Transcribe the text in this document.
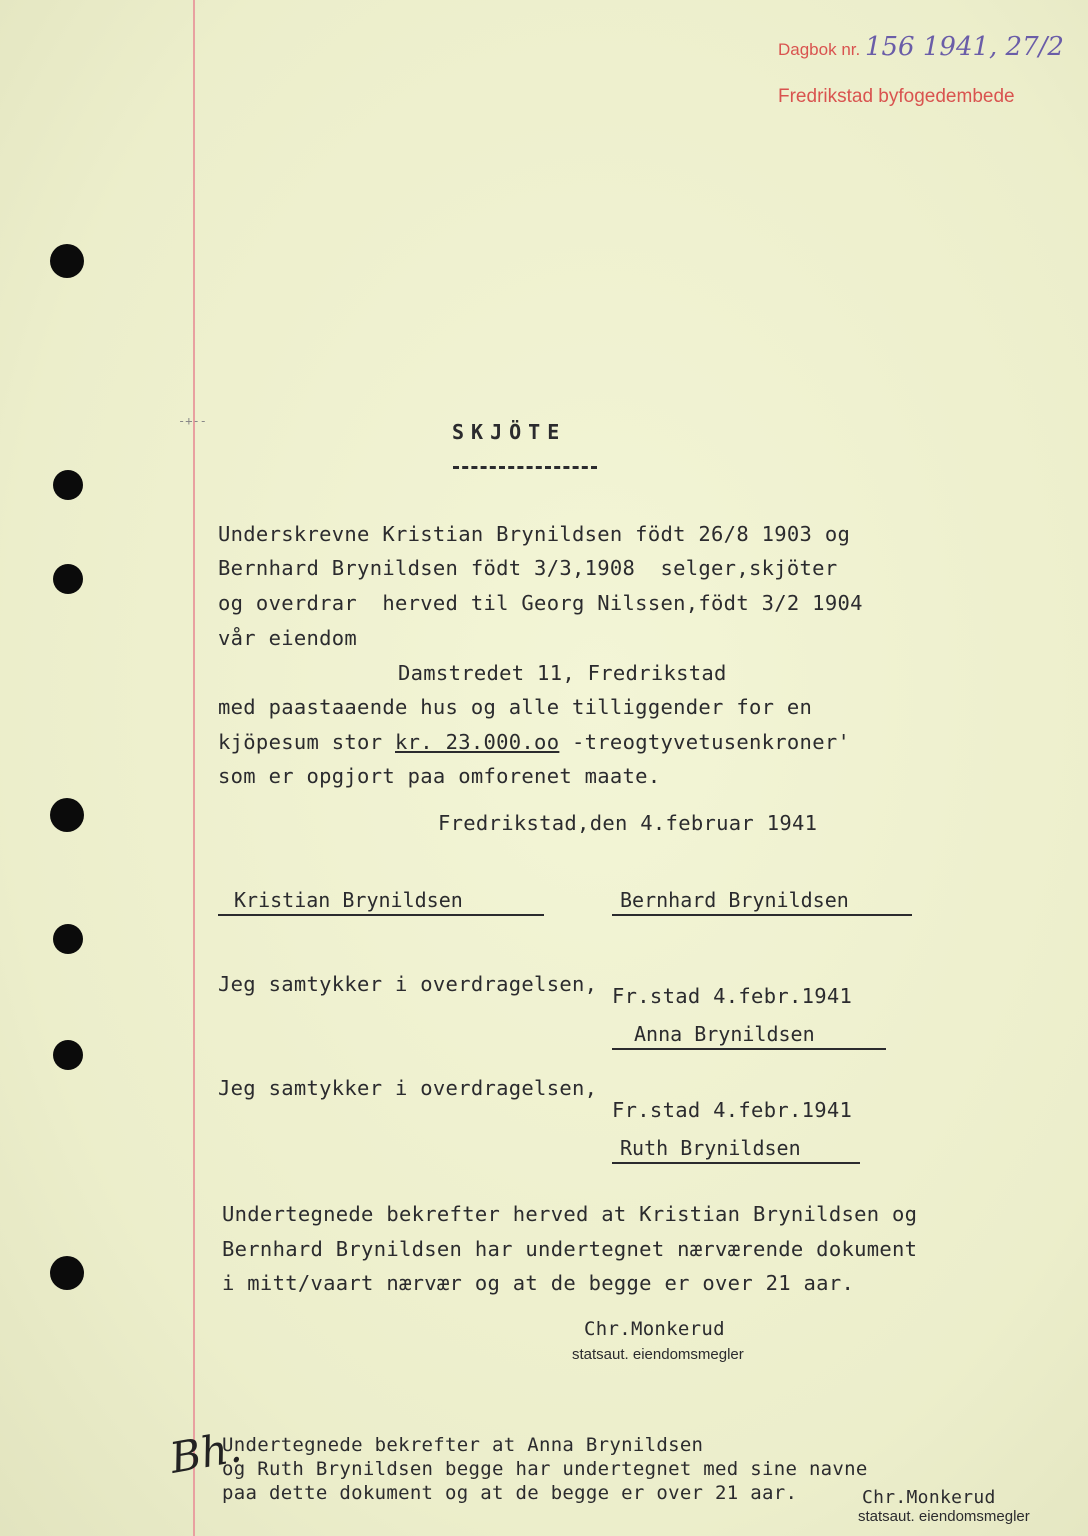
Dagbok nr. 156 1941, 27/2
Fredrikstad byfogedembede
-+-‑	SKJÖTE
Underskrevne Kristian Brynildsen födt 26/8 1903 og
Bernhard Brynildsen födt 3/3,1908  selger,skjöter
og overdrar  herved til Georg Nilssen,födt 3/2 1904
vår eiendom
Damstredet 11, Fredrikstad
med paastaaende hus og alle tilliggender for en
kjöpesum stor kr. 23.000.oo -treogtyvetusenkroner'
som er opgjort paa omforenet maate.
Fredrikstad,den 4.februar 1941
Kristian Brynildsen	Bernhard Brynildsen
Jeg samtykker i overdragelsen, Fr.stad 4.febr.1941
Anna Brynildsen
Jeg samtykker i overdragelsen,
Fr.stad 4.febr.1941
Ruth Brynildsen
Undertegnede bekrefter herved at Kristian Brynildsen og
Bernhard Brynildsen har undertegnet nærværende dokument
i mitt/vaart nærvær og at de begge er over 21 aar.
Chr.Monkerud
statsaut. eiendomsmegler
Bh.
Undertegnede bekrefter at Anna Brynildsen
og Ruth Brynildsen begge har undertegnet med sine navne
paa dette dokument og at de begge er over 21 aar.	Chr.Monkerud
statsaut. eiendomsmegler
